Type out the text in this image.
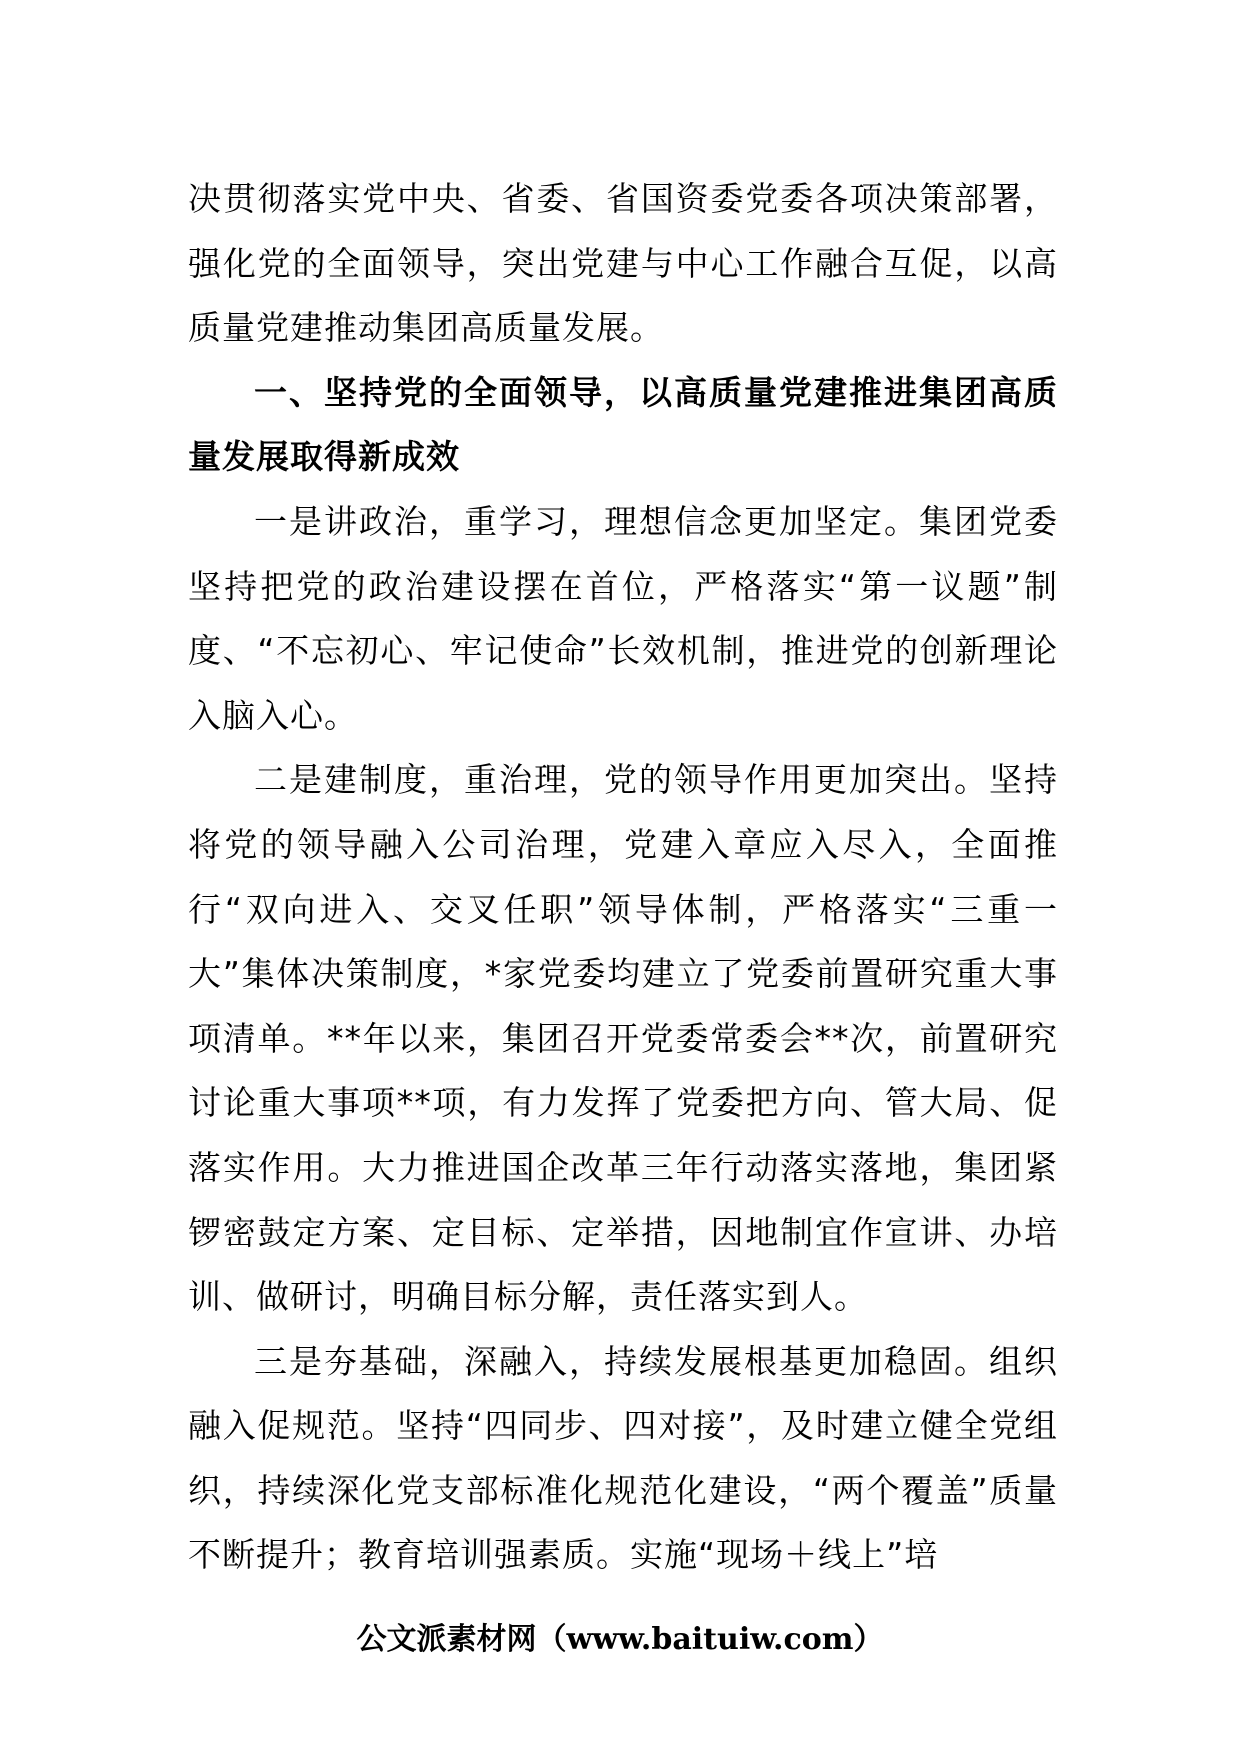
决贯彻落实党中央、省委、省国资委党委各项决策部署，强化党的全面领导，突出党建与中心工作融合互促，以高质量党建推动集团高质量发展。

一、坚持党的全面领导，以高质量党建推进集团高质量发展取得新成效

一是讲政治，重学习，理想信念更加坚定。集团党委坚持把党的政治建设摆在首位，严格落实“第一议题”制度、“不忘初心、牢记使命”长效机制，推进党的创新理论入脑入心。

二是建制度，重治理，党的领导作用更加突出。坚持将党的领导融入公司治理，党建入章应入尽入，全面推行“双向进入、交叉任职”领导体制，严格落实“三重一大”集体决策制度，*家党委均建立了党委前置研究重大事项清单。**年以来，集团召开党委常委会**次，前置研究讨论重大事项**项，有力发挥了党委把方向、管大局、促落实作用。大力推进国企改革三年行动落实落地，集团紧锣密鼓定方案、定目标、定举措，因地制宜作宣讲、办培训、做研讨，明确目标分解，责任落实到人。

三是夯基础，深融入，持续发展根基更加稳固。组织融入促规范。坚持“四同步、四对接”，及时建立健全党组织，持续深化党支部标准化规范化建设，“两个覆盖”质量不断提升；教育培训强素质。实施“现场＋线上”培

公文派素材网（www.baituiw.com）
